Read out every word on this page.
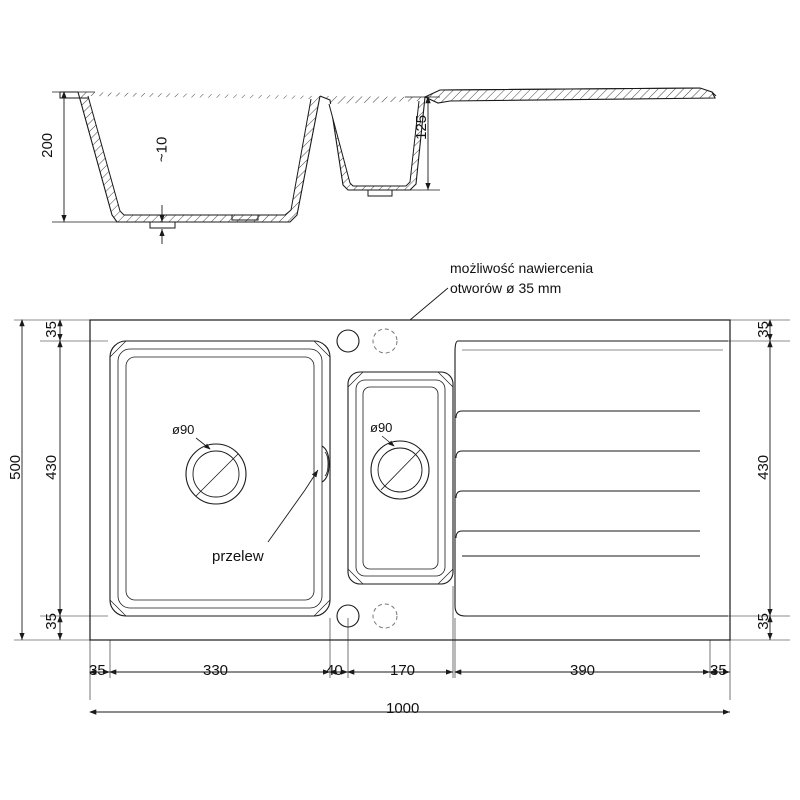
200	~10
125
możliwość nawiercenia
otworów ø 35 mm
ø90	ø90
przelew
35
430
35
500
35
430
35
35	330	40	170	390	35
1000
